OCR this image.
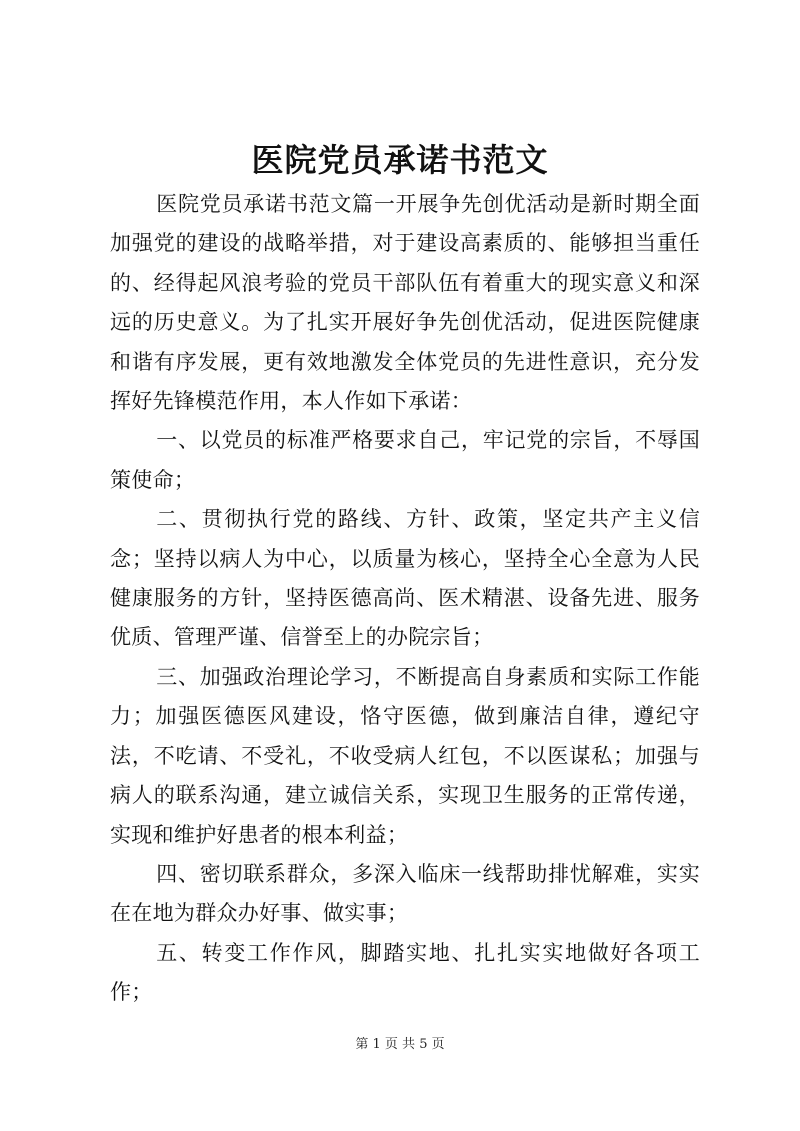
医院党员承诺书范文

医院党员承诺书范文篇一开展争先创优活动是新时期全面加强党的建设的战略举措，对于建设高素质的、能够担当重任的、经得起风浪考验的党员干部队伍有着重大的现实意义和深远的历史意义。为了扎实开展好争先创优活动，促进医院健康和谐有序发展，更有效地激发全体党员的先进性意识，充分发挥好先锋模范作用，本人作如下承诺：

一、以党员的标准严格要求自己，牢记党的宗旨，不辱国策使命；

二、贯彻执行党的路线、方针、政策，坚定共产主义信念；坚持以病人为中心，以质量为核心，坚持全心全意为人民健康服务的方针，坚持医德高尚、医术精湛、设备先进、服务优质、管理严谨、信誉至上的办院宗旨；

三、加强政治理论学习，不断提高自身素质和实际工作能力；加强医德医风建设，恪守医德，做到廉洁自律，遵纪守法，不吃请、不受礼，不收受病人红包，不以医谋私；加强与病人的联系沟通，建立诚信关系，实现卫生服务的正常传递，实现和维护好患者的根本利益；

四、密切联系群众，多深入临床一线帮助排忧解难，实实在在地为群众办好事、做实事；

五、转变工作作风，脚踏实地、扎扎实实地做好各项工作；

第 1 页 共 5 页
